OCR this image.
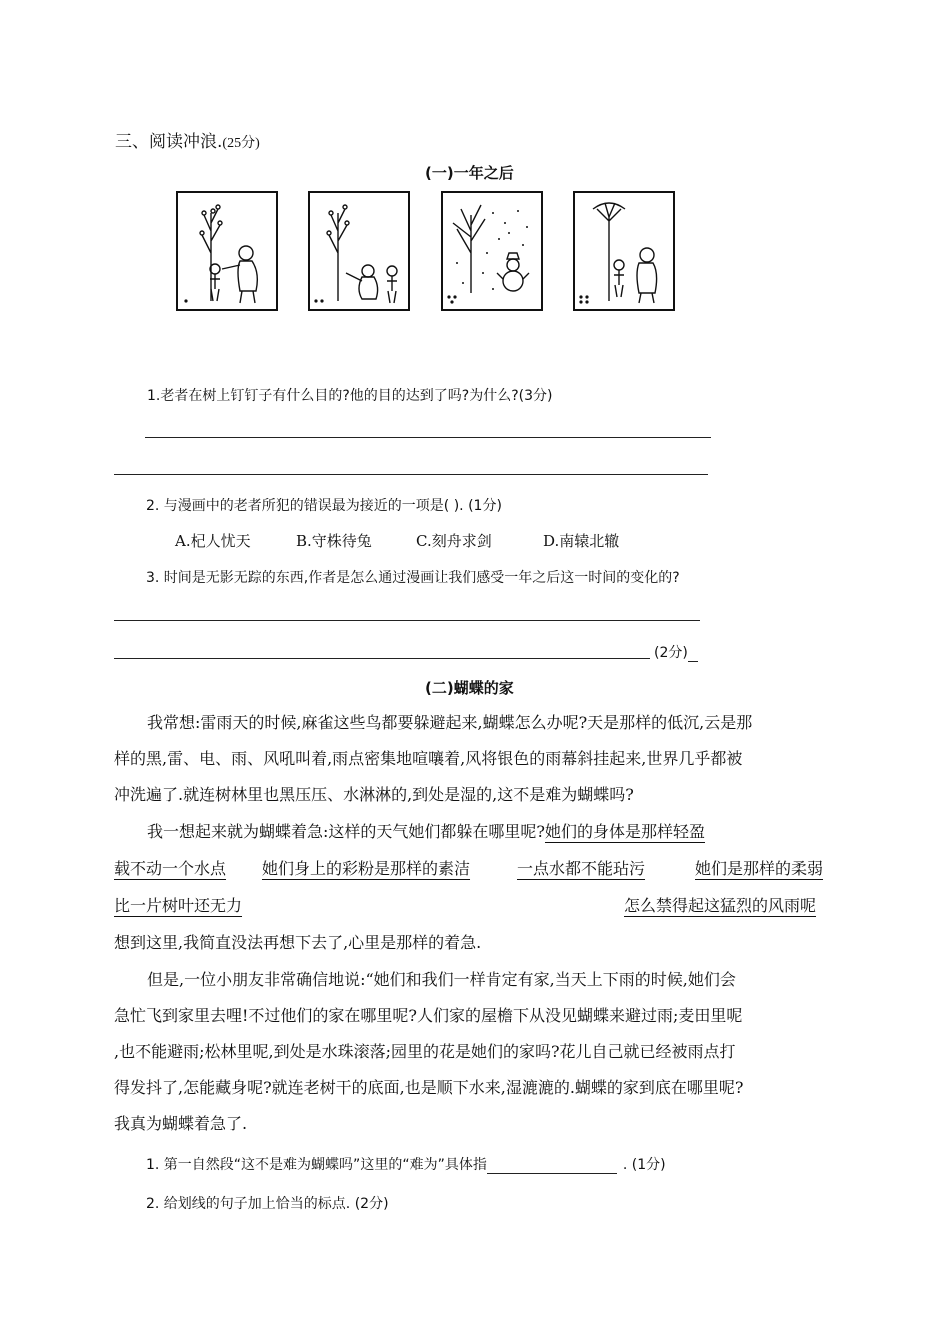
三、阅读冲浪.(25分)
(一)一年之后
1.老者在树上钉钉子有什么目的?他的目的达到了吗?为什么?(3分)
2. 与漫画中的老者所犯的错误最为接近的一项是( ). (1分)
A.杞人忧天	B.守株待兔	C.刻舟求剑	D.南辕北辙
3. 时间是无影无踪的东西,作者是怎么通过漫画让我们感受一年之后这一时间的变化的?
(2分)
(二)蝴蝶的家
我常想:雷雨天的时候,麻雀这些鸟都要躲避起来,蝴蝶怎么办呢?天是那样的低沉,云是那
样的黑,雷、电、雨、风吼叫着,雨点密集地喧嚷着,风将银色的雨幕斜挂起来,世界几乎都被
冲洗遍了.就连树林里也黑压压、水淋淋的,到处是湿的,这不是难为蝴蝶吗?
我一想起来就为蝴蝶着急:这样的天气她们都躲在哪里呢?她们的身体是那样轻盈
载不动一个水点 她们身上的彩粉是那样的素洁	一点水都不能玷污	她们是那样的柔弱
比一片树叶还无力	怎么禁得起这猛烈的风雨呢
想到这里,我简直没法再想下去了,心里是那样的着急.
但是,一位小朋友非常确信地说:“她们和我们一样肯定有家,当天上下雨的时候,她们会
急忙飞到家里去哩!不过他们的家在哪里呢?人们家的屋檐下从没见蝴蝶来避过雨;麦田里呢
,也不能避雨;松林里呢,到处是水珠滚落;园里的花是她们的家吗?花儿自己就已经被雨点打
得发抖了,怎能藏身呢?就连老树干的底面,也是顺下水来,湿漉漉的.蝴蝶的家到底在哪里呢?
我真为蝴蝶着急了.
1. 第一自然段“这不是难为蝴蝶吗”这里的“难为”具体指	. (1分)
2. 给划线的句子加上恰当的标点. (2分)
